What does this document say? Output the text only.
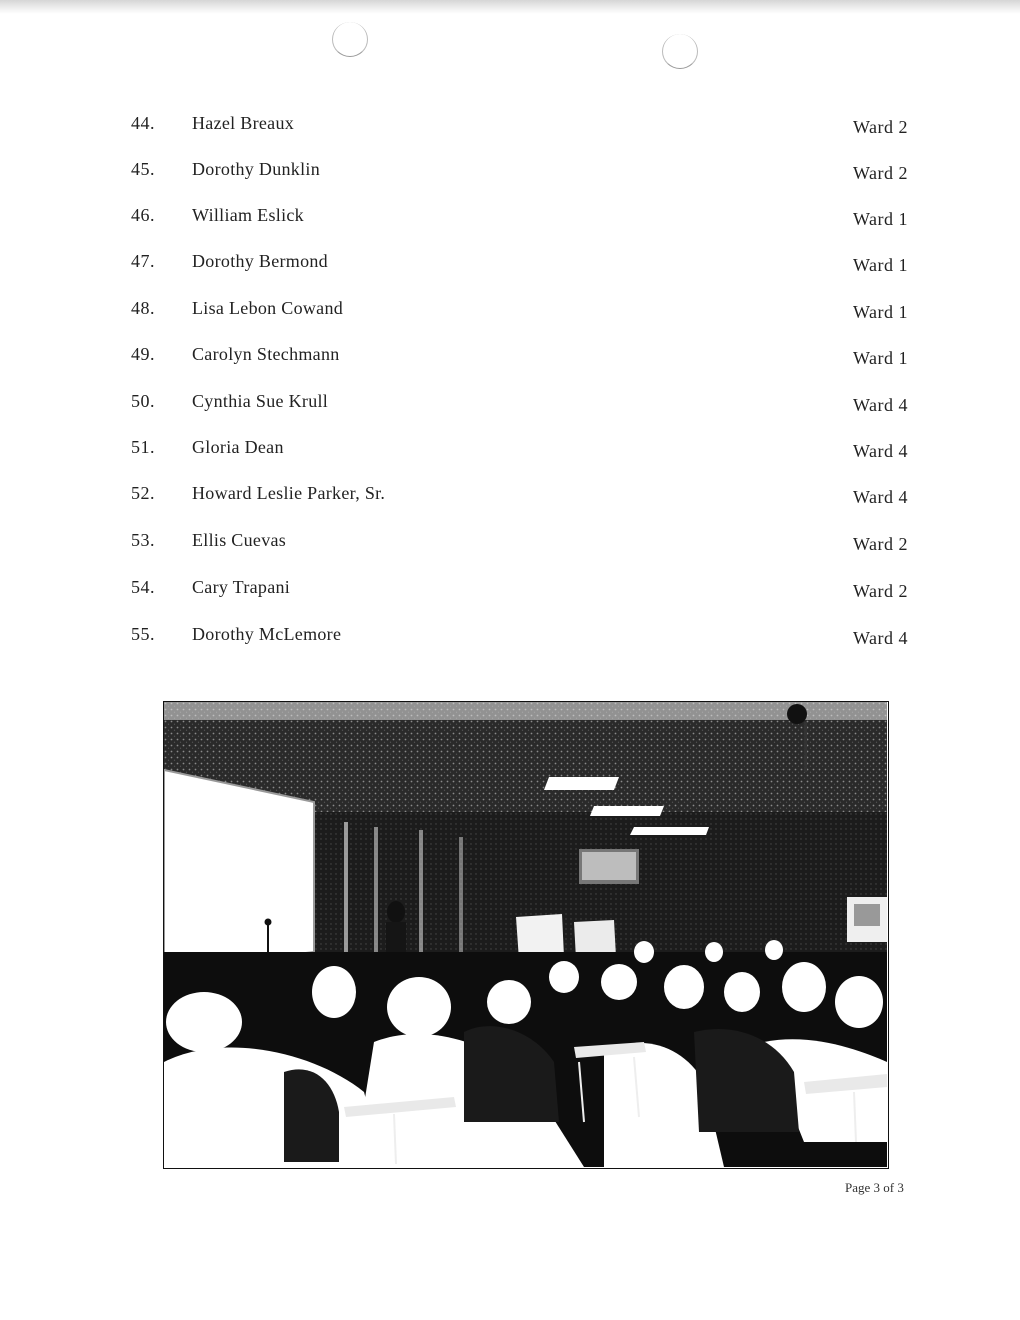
44. Hazel Breaux	Ward 2
45. Dorothy Dunklin	Ward 2
46. William Eslick	Ward 1
47. Dorothy Bermond	Ward 1
48. Lisa Lebon Cowand	Ward 1
49. Carolyn Stechmann	Ward 1
50. Cynthia Sue Krull	Ward 4
51. Gloria Dean	Ward 4
52. Howard Leslie Parker, Sr.	Ward 4
53. Ellis Cuevas	Ward 2
54. Cary Trapani	Ward 2
55. Dorothy McLemore	Ward 4
Page 3 of 3
